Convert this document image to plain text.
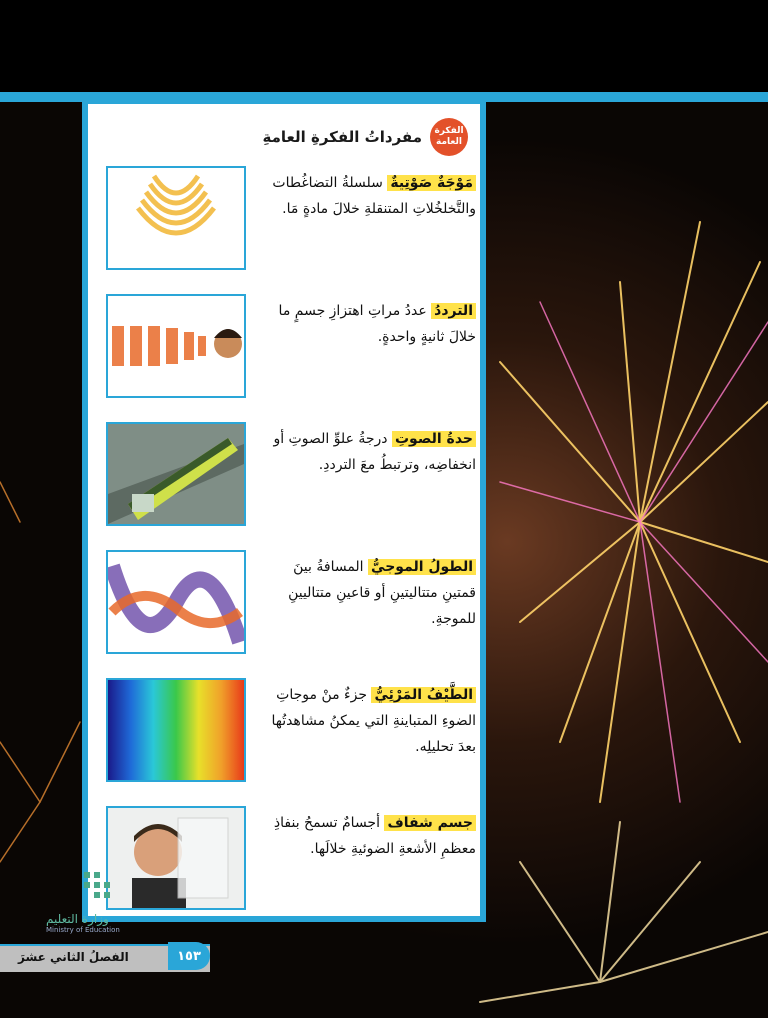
الفكرة العامة
مفرداتُ الفكرةِ العامةِ
مَوْجَةٌ صَوْتِيةٌ سلسلةُ التضاغُطات والتَّخلخُلاتِ المتنقلةِ خلالَ مادةٍ مَا.
الترددُ عددُ مراتِ اهتزازِ جسمٍ ما خلالَ ثانيةٍ واحدةٍ.
حدةُ الصوتِ درجةُ علوِّ الصوتِ أو انخفاضِه، وترتبطُ معَ الترددِ.
الطولُ الموجيُّ المسافةُ بينَ قمتينِ متتاليتينِ أو قاعينِ متتاليينِ للموجةِ.
الطَّيْفُ المَرْئِيُّ جزءٌ منْ موجاتِ الضوءِ المتباينةِ التي يمكنُ مشاهدتُها بعدَ تحليلِه.
جسم شفاف أجسامٌ تسمحُ بنفاذِ معظمِ الأشعةِ الضوئيةِ خلالَها.
وزارة التعليم
Ministry of Education
الفصلُ الثاني عشرَ	١٥٣
